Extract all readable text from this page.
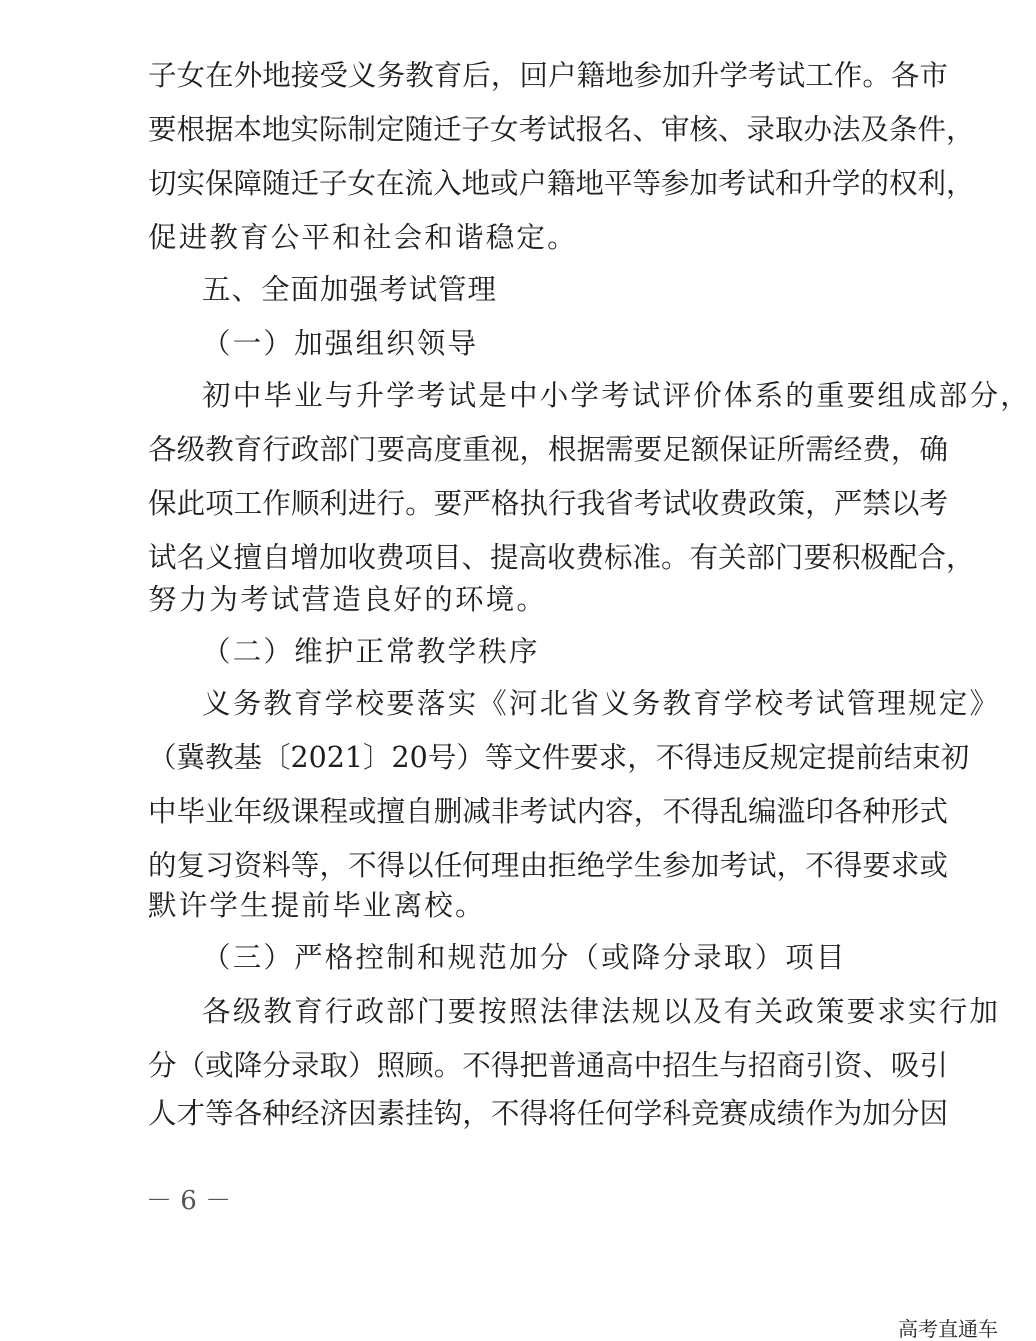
子女在外地接受义务教育后，回户籍地参加升学考试工作。各市
要根据本地实际制定随迁子女考试报名、审核、录取办法及条件，
切实保障随迁子女在流入地或户籍地平等参加考试和升学的权利，
促进教育公平和社会和谐稳定。
五、全面加强考试管理
（一）加强组织领导
初中毕业与升学考试是中小学考试评价体系的重要组成部分，
各级教育行政部门要高度重视，根据需要足额保证所需经费，确
保此项工作顺利进行。要严格执行我省考试收费政策，严禁以考
试名义擅自增加收费项目、提高收费标准。有关部门要积极配合，
努力为考试营造良好的环境。
（二）维护正常教学秩序
义务教育学校要落实《河北省义务教育学校考试管理规定》
（冀教基〔2021〕20号）等文件要求，不得违反规定提前结束初
中毕业年级课程或擅自删减非考试内容，不得乱编滥印各种形式
的复习资料等，不得以任何理由拒绝学生参加考试，不得要求或
默许学生提前毕业离校。
（三）严格控制和规范加分（或降分录取）项目
各级教育行政部门要按照法律法规以及有关政策要求实行加
分（或降分录取）照顾。不得把普通高中招生与招商引资、吸引
人才等各种经济因素挂钩，不得将任何学科竞赛成绩作为加分因
－ 6 －
高考直通车
